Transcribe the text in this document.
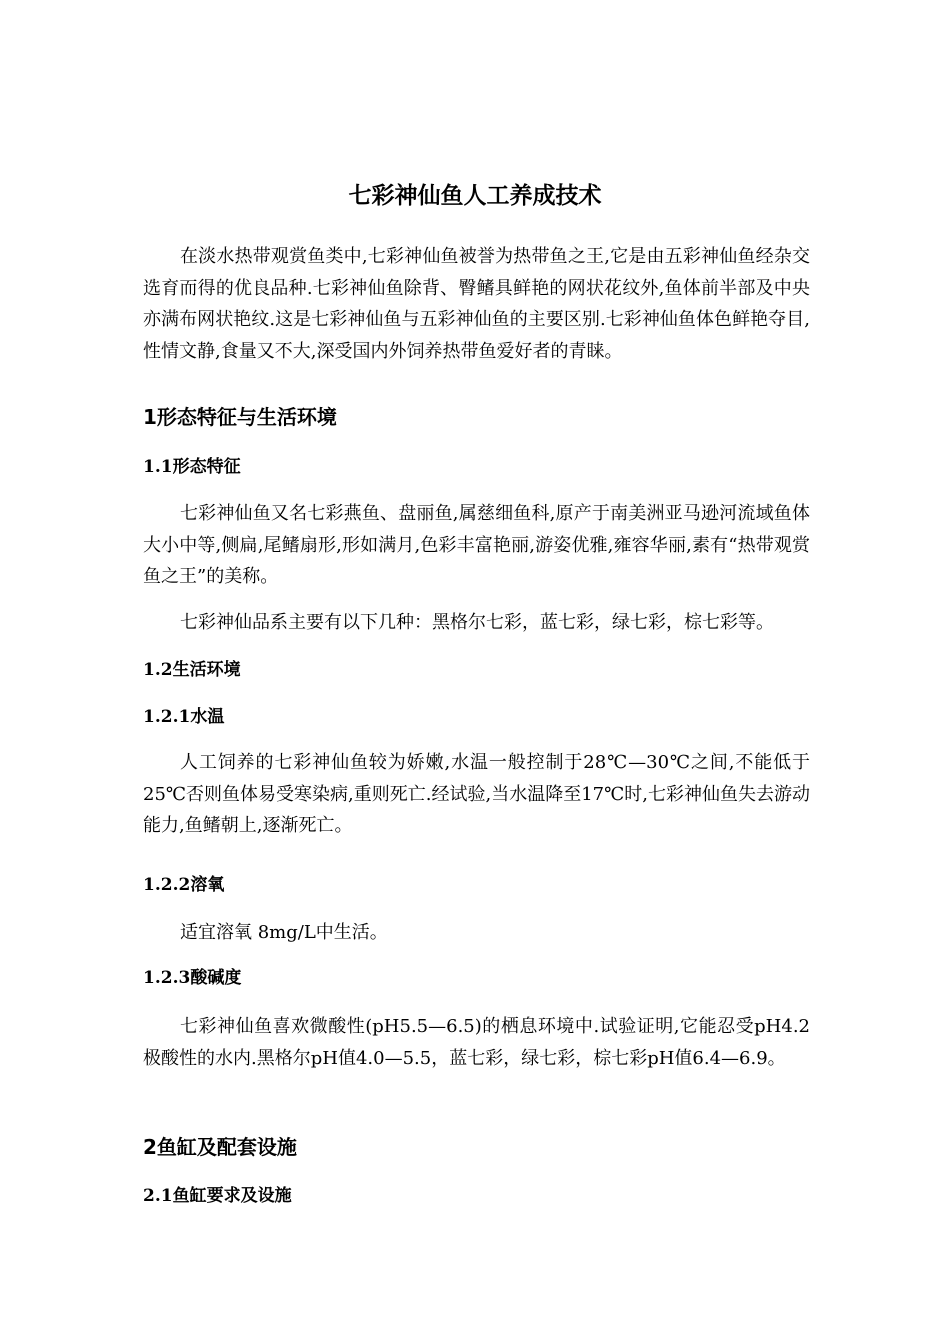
七彩神仙鱼人工养成技术

在淡水热带观赏鱼类中,七彩神仙鱼被誉为热带鱼之王,它是由五彩神仙鱼经杂交选育而得的优良品种.七彩神仙鱼除背、臀鳍具鲜艳的网状花纹外,鱼体前半部及中央亦满布网状艳纹.这是七彩神仙鱼与五彩神仙鱼的主要区别.七彩神仙鱼体色鲜艳夺目,性情文静,食量又不大,深受国内外饲养热带鱼爱好者的青睐。

1形态特征与生活环境
1.1形态特征

七彩神仙鱼又名七彩燕鱼、盘丽鱼,属慈细鱼科,原产于南美洲亚马逊河流域鱼体大小中等,侧扁,尾鳍扇形,形如满月,色彩丰富艳丽,游姿优雅,雍容华丽,素有“热带观赏鱼之王”的美称。

七彩神仙品系主要有以下几种：黑格尔七彩，蓝七彩，绿七彩，棕七彩等。

1.2生活环境
1.2.1水温

人工饲养的七彩神仙鱼较为娇嫩,水温一般控制于28℃—30℃之间,不能低于25℃否则鱼体易受寒染病,重则死亡.经试验,当水温降至17℃时,七彩神仙鱼失去游动能力,鱼鳍朝上,逐渐死亡。

1.2.2溶氧

适宜溶氧 8mg/L中生活。

1.2.3酸碱度

七彩神仙鱼喜欢微酸性(pH5.5—6.5)的栖息环境中.试验证明,它能忍受pH4.2极酸性的水内.黑格尔pH值4.0—5.5，蓝七彩，绿七彩，棕七彩pH值6.4—6.9。

2鱼缸及配套设施
2.1鱼缸要求及设施
